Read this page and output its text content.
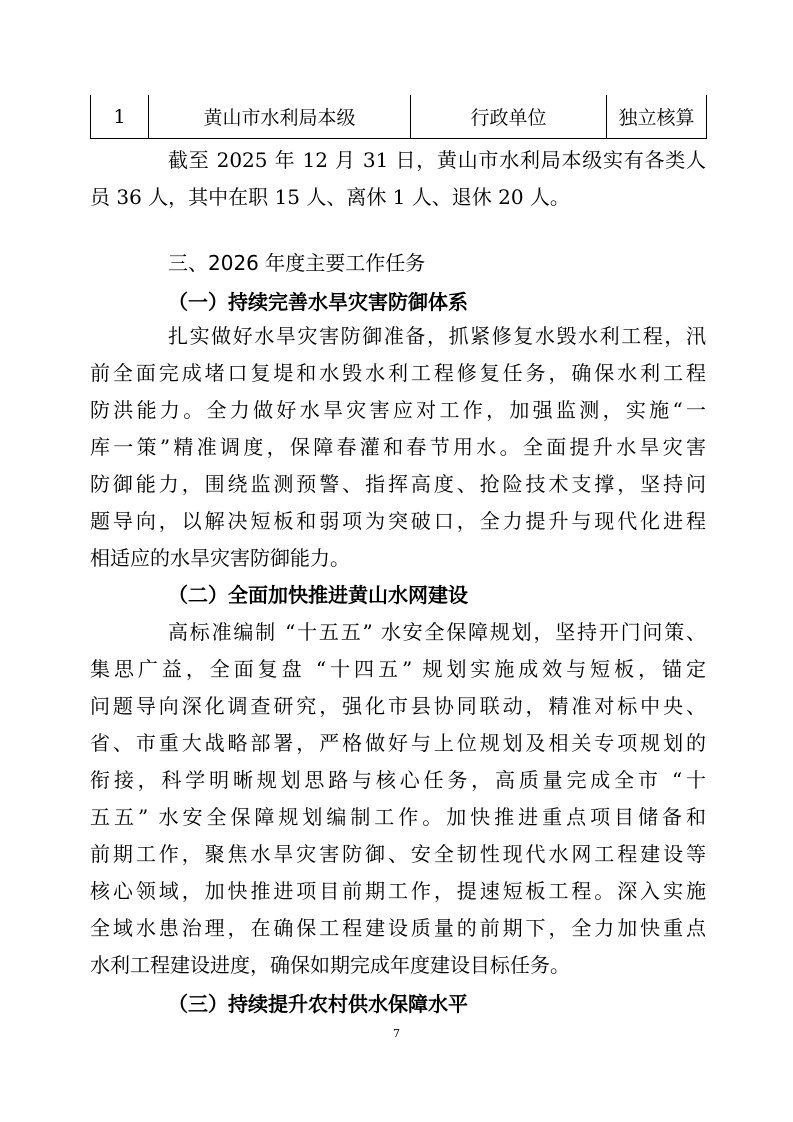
1	黄山市水利局本级	行政单位	独立核算
截至 2025 年 12 月 31 日，黄山市水利局本级实有各类人
员 36 人，其中在职 15 人、离休 1 人、退休 20 人。
三、2026 年度主要工作任务
（一）持续完善水旱灾害防御体系
扎实做好水旱灾害防御准备，抓紧修复水毁水利工程，汛
前全面完成堵口复堤和水毁水利工程修复任务，确保水利工程
防洪能力。全力做好水旱灾害应对工作，加强监测，实施“一
库一策”精准调度，保障春灌和春节用水。全面提升水旱灾害
防御能力，围绕监测预警、指挥高度、抢险技术支撑，坚持问
题导向，以解决短板和弱项为突破口，全力提升与现代化进程
相适应的水旱灾害防御能力。
（二）全面加快推进黄山水网建设
高标准编制 “十五五” 水安全保障规划，坚持开门问策、
集思广益，全面复盘 “十四五” 规划实施成效与短板，锚定
问题导向深化调查研究，强化市县协同联动，精准对标中央、
省、市重大战略部署，严格做好与上位规划及相关专项规划的
衔接，科学明晰规划思路与核心任务，高质量完成全市 “十
五五” 水安全保障规划编制工作。加快推进重点项目储备和
前期工作，聚焦水旱灾害防御、安全韧性现代水网工程建设等
核心领域，加快推进项目前期工作，提速短板工程。深入实施
全域水患治理，在确保工程建设质量的前期下，全力加快重点
水利工程建设进度，确保如期完成年度建设目标任务。
（三）持续提升农村供水保障水平
7
